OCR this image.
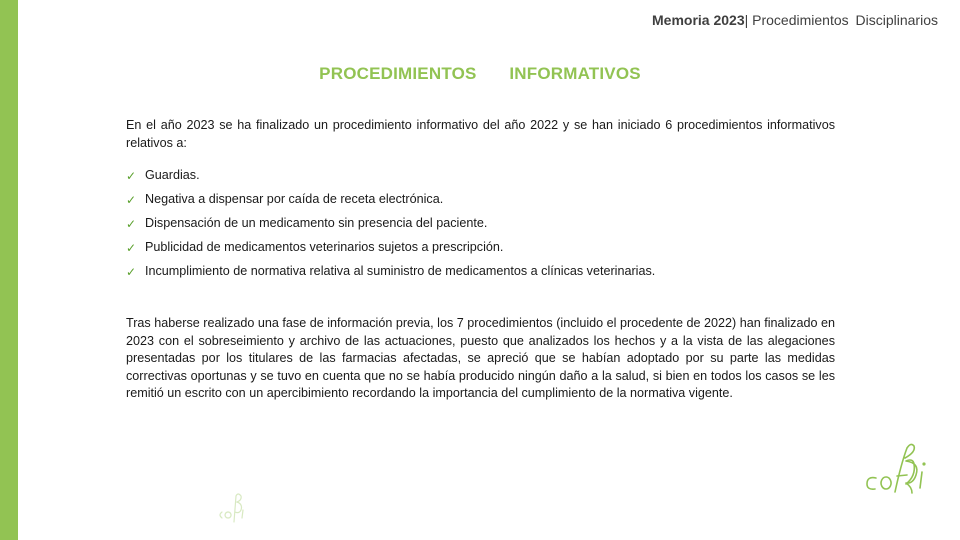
Memoria 2023| Procedimientos Disciplinarios
PROCEDIMIENTOS   INFORMATIVOS
En el año 2023 se ha finalizado un procedimiento informativo del año 2022 y se han iniciado 6 procedimientos informativos relativos a:
✓ Guardias.
✓ Negativa a dispensar por caída de receta electrónica.
✓ Dispensación de un medicamento sin presencia del paciente.
✓ Publicidad de medicamentos veterinarios sujetos a prescripción.
✓ Incumplimiento de normativa relativa al suministro de medicamentos a clínicas veterinarias.
Tras haberse realizado una fase de información previa, los 7 procedimientos (incluido el procedente de 2022) han finalizado en 2023 con el sobreseimiento y archivo de las actuaciones, puesto que analizados los hechos y a la vista de las alegaciones presentadas por los titulares de las farmacias afectadas, se apreció que se habían adoptado por su parte las medidas correctivas oportunas y se tuvo en cuenta que no se había producido ningún daño a la salud, si bien en todos los casos se les remitió un escrito con un apercibimiento recordando la importancia del cumplimiento de la normativa vigente.
